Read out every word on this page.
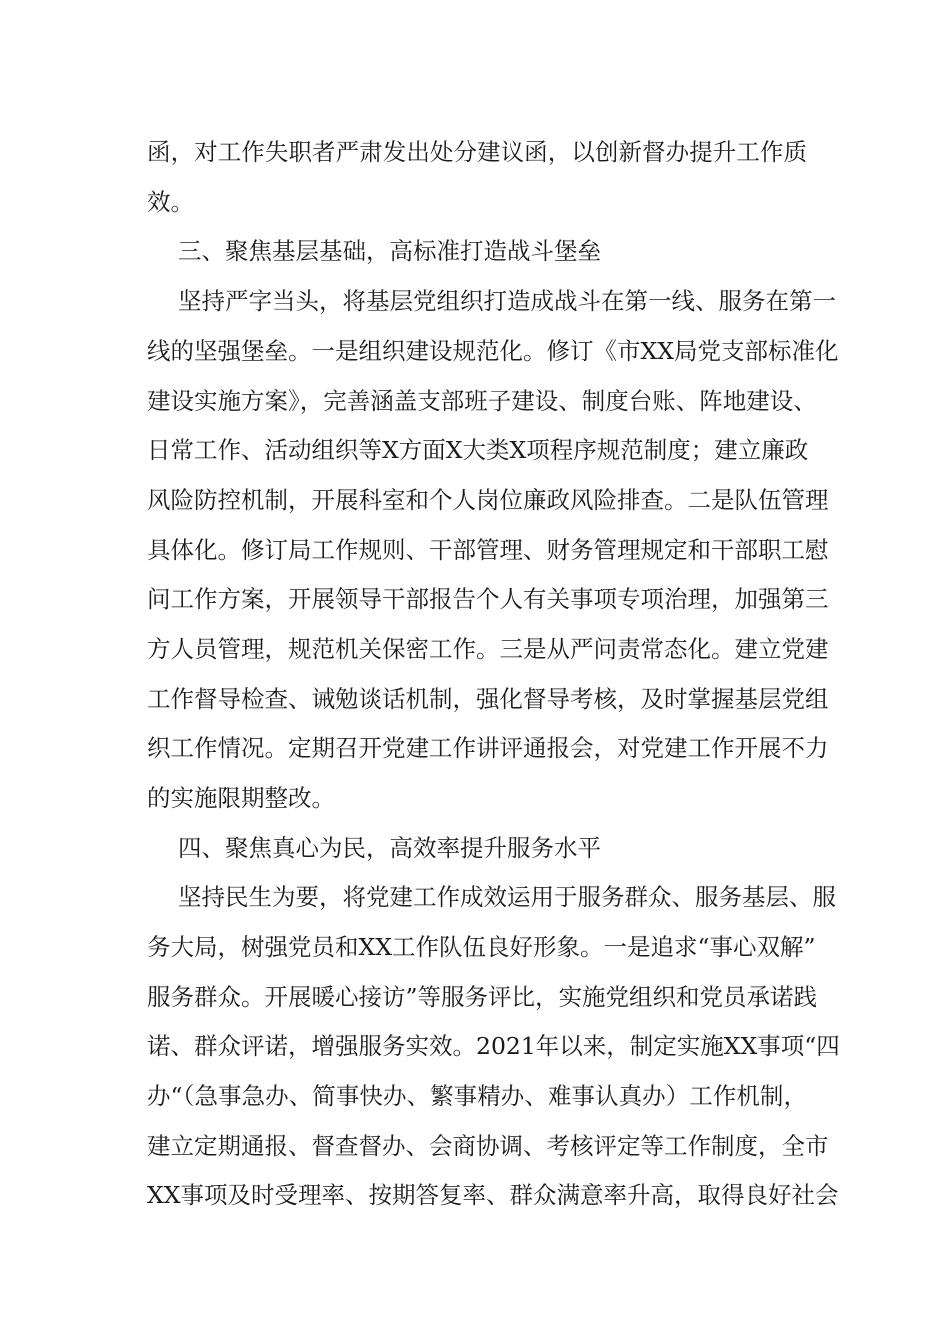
函，对工作失职者严肃发出处分建议函，以创新督办提升工作质
效。
三、聚焦基层基础，高标准打造战斗堡垒
坚持严字当头，将基层党组织打造成战斗在第一线、服务在第一
线的坚强堡垒。一是组织建设规范化。修订《市XX局党支部标准化
建设实施方案》，完善涵盖支部班子建设、制度台账、阵地建设、
日常工作、活动组织等X方面X大类X项程序规范制度；建立廉政
风险防控机制，开展科室和个人岗位廉政风险排查。二是队伍管理
具体化。修订局工作规则、干部管理、财务管理规定和干部职工慰
问工作方案，开展领导干部报告个人有关事项专项治理，加强第三
方人员管理，规范机关保密工作。三是从严问责常态化。建立党建
工作督导检查、诫勉谈话机制，强化督导考核，及时掌握基层党组
织工作情况。定期召开党建工作讲评通报会，对党建工作开展不力
的实施限期整改。
四、聚焦真心为民，高效率提升服务水平
坚持民生为要，将党建工作成效运用于服务群众、服务基层、服
务大局，树强党员和XX工作队伍良好形象。一是追求“事心双解”
服务群众。开展暖心接访”等服务评比，实施党组织和党员承诺践
诺、群众评诺，增强服务实效。2021年以来，制定实施XX事项“四
办“（急事急办、简事快办、繁事精办、难事认真办）工作机制，
建立定期通报、督查督办、会商协调、考核评定等工作制度，全市
XX事项及时受理率、按期答复率、群众满意率升高，取得良好社会
